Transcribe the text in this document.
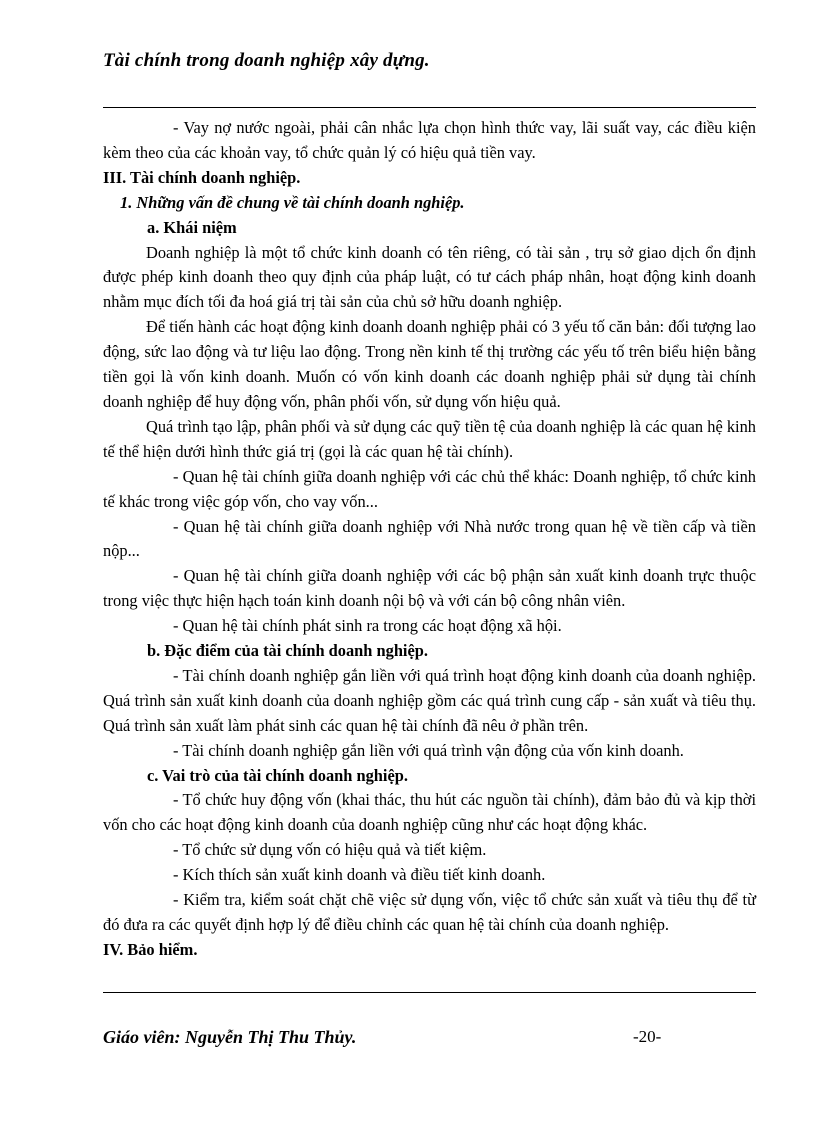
Tài chính trong doanh nghiệp xây dựng.

- Vay nợ nước ngoài, phải cân nhắc lựa chọn hình thức vay, lãi suất vay, các điều kiện kèm theo của các khoản vay, tổ chức quản lý có hiệu quả tiền vay.

III. Tài chính doanh nghiệp.

1. Những vấn đề chung về tài chính doanh nghiệp.

a. Khái niệm

Doanh nghiệp là một tổ chức kinh doanh có tên riêng, có tài sản , trụ sở giao dịch ổn định được phép kinh doanh theo quy định của pháp luật, có tư cách pháp nhân, hoạt động kinh doanh nhằm mục đích tối đa hoá giá trị tài sản của chủ sở hữu doanh nghiệp.

Để tiến hành các hoạt động kinh doanh doanh nghiệp phải có 3 yếu tố căn bản: đối tượng lao động, sức lao động và tư liệu lao động. Trong nền kinh tế thị trường các yếu tố trên biểu hiện bằng tiền gọi là vốn kinh doanh. Muốn có vốn kinh doanh các doanh nghiệp phải sử dụng tài chính doanh nghiệp để huy động vốn, phân phối vốn, sử dụng vốn hiệu quả.

Quá trình tạo lập, phân phối và sử dụng các quỹ tiền tệ của doanh nghiệp là các quan hệ kinh tế thể hiện dưới hình thức giá trị (gọi là các quan hệ tài chính).

- Quan hệ tài chính giữa doanh nghiệp với các chủ thể khác: Doanh nghiệp, tổ chức kinh tế khác trong việc góp vốn, cho vay vốn...

- Quan hệ tài chính giữa doanh nghiệp với Nhà nước trong quan hệ về tiền cấp và tiền nộp...

- Quan hệ tài chính giữa doanh nghiệp với các bộ phận sản xuất kinh doanh trực thuộc trong việc thực hiện hạch toán kinh doanh nội bộ và với cán bộ công nhân viên.

- Quan hệ tài chính phát sinh ra trong các hoạt động xã hội.

b. Đặc điểm của tài chính doanh nghiệp.

- Tài chính doanh nghiệp gắn liền với quá trình hoạt động kinh doanh của doanh nghiệp. Quá trình sản xuất kinh doanh của doanh nghiệp gồm các quá trình cung cấp - sản xuất và tiêu thụ. Quá trình sản xuất làm phát sinh các quan hệ tài chính đã nêu ở phần trên.

- Tài chính doanh nghiệp gắn liền với quá trình vận động của vốn kinh doanh.

c. Vai trò của tài chính doanh nghiệp.

- Tổ chức huy động vốn (khai thác, thu hút các nguồn tài chính), đảm bảo đủ và kịp thời vốn cho các hoạt động kinh doanh của doanh nghiệp cũng như các hoạt động khác.

- Tổ chức sử dụng vốn có hiệu quả và tiết kiệm.

- Kích thích sản xuất kinh doanh và điều tiết kinh doanh.

- Kiểm tra, kiểm soát chặt chẽ việc sử dụng vốn, việc tổ chức sản xuất và tiêu thụ để từ đó đưa ra các quyết định hợp lý để điều chỉnh các quan hệ tài chính của doanh nghiệp.

IV. Bảo hiểm.

Giáo viên: Nguyễn Thị Thu Thủy.	-20-
